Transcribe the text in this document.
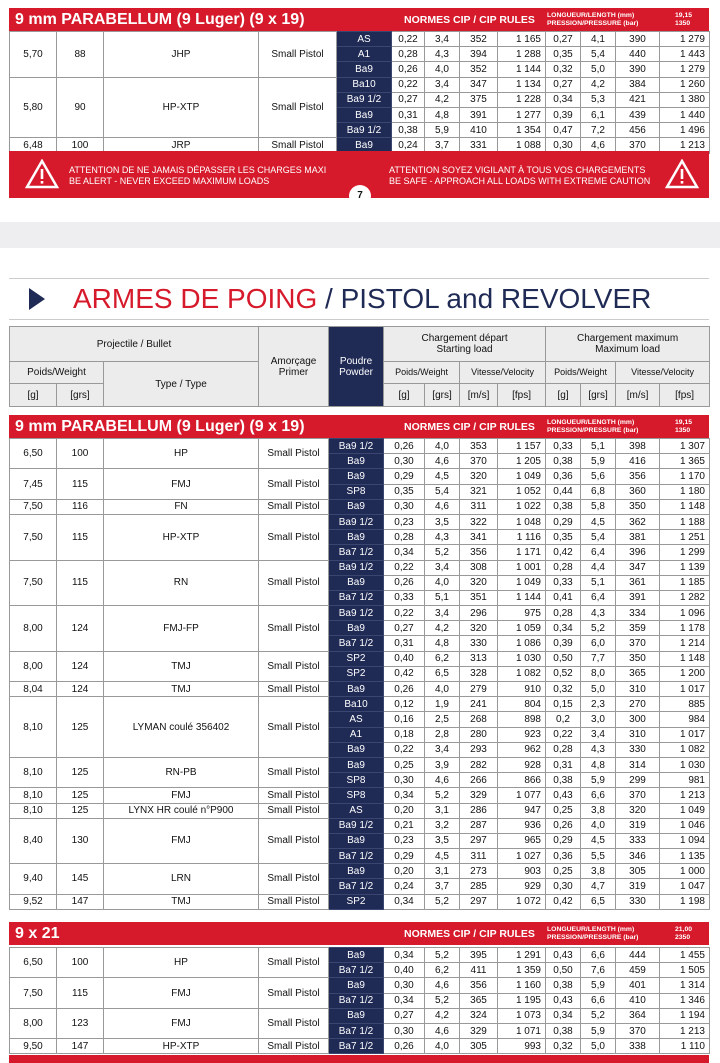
9 mm PARABELLUM (9 Luger) (9 x 19)	NORMES CIP / CIP RULES	LONGUEUR/LENGTH (mm)
PRESSION/PRESSURE (bar)
19,15
1350
5,70	88	JHP	Small Pistol	AS	0,22	3,4	352	1 165	0,27	4,1	390	1 279
				A1	0,28	4,3	394	1 288	0,35	5,4	440	1 443
				Ba9	0,26	4,0	352	1 144	0,32	5,0	390	1 279
5,80	90	HP-XTP	Small Pistol	Ba10	0,22	3,4	347	1 134	0,27	4,2	384	1 260
				Ba9 1/2	0,27	4,2	375	1 228	0,34	5,3	421	1 380
				Ba9	0,31	4,8	391	1 277	0,39	6,1	439	1 440
				Ba9 1/2	0,38	5,9	410	1 354	0,47	7,2	456	1 496
6,48	100	JRP	Small Pistol	Ba9	0,24	3,7	331	1 088	0,30	4,6	370	1 213
ATTENTION DE NE JAMAIS DÉPASSER LES CHARGES MAXI
BE ALERT - NEVER EXCEED MAXIMUM LOADS
ATTENTION SOYEZ VIGILANT À TOUS VOS CHARGEMENTS
BE SAFE - APPROACH ALL LOADS WITH EXTREME CAUTION
7
ARMES DE POING / PISTOL and REVOLVER
Projectile / Bullet			Amorçage
Primer	Poudre
Powder	Chargement départ
Starting load				Chargement maximum
Maximum load			
Poids/Weight		Type / Type			Poids/Weight		Vitesse/Velocity		Poids/Weight		Vitesse/Velocity	
[g]	[grs]				[g]	[grs]	[m/s]	[fps]	[g]	[grs]	[m/s]	[fps]
9 mm PARABELLUM (9 Luger) (9 x 19)	NORMES CIP / CIP RULES	LONGUEUR/LENGTH (mm)
PRESSION/PRESSURE (bar)
19,15
1350
6,50	100	HP	Small Pistol	Ba9 1/2	0,26	4,0	353	1 157	0,33	5,1	398	1 307
				Ba9	0,30	4,6	370	1 205	0,38	5,9	416	1 365
7,45	115	FMJ	Small Pistol	Ba9	0,29	4,5	320	1 049	0,36	5,6	356	1 170
				SP8	0,35	5,4	321	1 052	0,44	6,8	360	1 180
7,50	116	FN	Small Pistol	Ba9	0,30	4,6	311	1 022	0,38	5,8	350	1 148
7,50	115	HP-XTP	Small Pistol	Ba9 1/2	0,23	3,5	322	1 048	0,29	4,5	362	1 188
				Ba9	0,28	4,3	341	1 116	0,35	5,4	381	1 251
				Ba7 1/2	0,34	5,2	356	1 171	0,42	6,4	396	1 299
7,50	115	RN	Small Pistol	Ba9 1/2	0,22	3,4	308	1 001	0,28	4,4	347	1 139
				Ba9	0,26	4,0	320	1 049	0,33	5,1	361	1 185
				Ba7 1/2	0,33	5,1	351	1 144	0,41	6,4	391	1 282
8,00	124	FMJ-FP	Small Pistol	Ba9 1/2	0,22	3,4	296	975	0,28	4,3	334	1 096
				Ba9	0,27	4,2	320	1 059	0,34	5,2	359	1 178
				Ba7 1/2	0,31	4,8	330	1 086	0,39	6,0	370	1 214
8,00	124	TMJ	Small Pistol	SP2	0,40	6,2	313	1 030	0,50	7,7	350	1 148
				SP2	0,42	6,5	328	1 082	0,52	8,0	365	1 200
8,04	124	TMJ	Small Pistol	Ba9	0,26	4,0	279	910	0,32	5,0	310	1 017
8,10	125	LYMAN coulé 356402	Small Pistol	Ba10	0,12	1,9	241	804	0,15	2,3	270	885
				AS	0,16	2,5	268	898	0,2	3,0	300	984
				A1	0,18	2,8	280	923	0,22	3,4	310	1 017
				Ba9	0,22	3,4	293	962	0,28	4,3	330	1 082
8,10	125	RN-PB	Small Pistol	Ba9	0,25	3,9	282	928	0,31	4,8	314	1 030
				SP8	0,30	4,6	266	866	0,38	5,9	299	981
8,10	125	FMJ	Small Pistol	SP8	0,34	5,2	329	1 077	0,43	6,6	370	1 213
8,10	125	LYNX HR coulé n°P900	Small Pistol	AS	0,20	3,1	286	947	0,25	3,8	320	1 049
8,40	130	FMJ	Small Pistol	Ba9 1/2	0,21	3,2	287	936	0,26	4,0	319	1 046
				Ba9	0,23	3,5	297	965	0,29	4,5	333	1 094
				Ba7 1/2	0,29	4,5	311	1 027	0,36	5,5	346	1 135
9,40	145	LRN	Small Pistol	Ba9	0,20	3,1	273	903	0,25	3,8	305	1 000
				Ba7 1/2	0,24	3,7	285	929	0,30	4,7	319	1 047
9,52	147	TMJ	Small Pistol	SP2	0,34	5,2	297	1 072	0,42	6,5	330	1 198
9 x 21	NORMES CIP / CIP RULES	LONGUEUR/LENGTH (mm)
PRESSION/PRESSURE (bar)
21,00
2350
6,50	100	HP	Small Pistol	Ba9	0,34	5,2	395	1 291	0,43	6,6	444	1 455
				Ba7 1/2	0,40	6,2	411	1 359	0,50	7,6	459	1 505
7,50	115	FMJ	Small Pistol	Ba9	0,30	4,6	356	1 160	0,38	5,9	401	1 314
				Ba7 1/2	0,34	5,2	365	1 195	0,43	6,6	410	1 346
8,00	123	FMJ	Small Pistol	Ba9	0,27	4,2	324	1 073	0,34	5,2	364	1 194
				Ba7 1/2	0,30	4,6	329	1 071	0,38	5,9	370	1 213
9,50	147	HP-XTP	Small Pistol	Ba7 1/2	0,26	4,0	305	993	0,32	5,0	338	1 110
